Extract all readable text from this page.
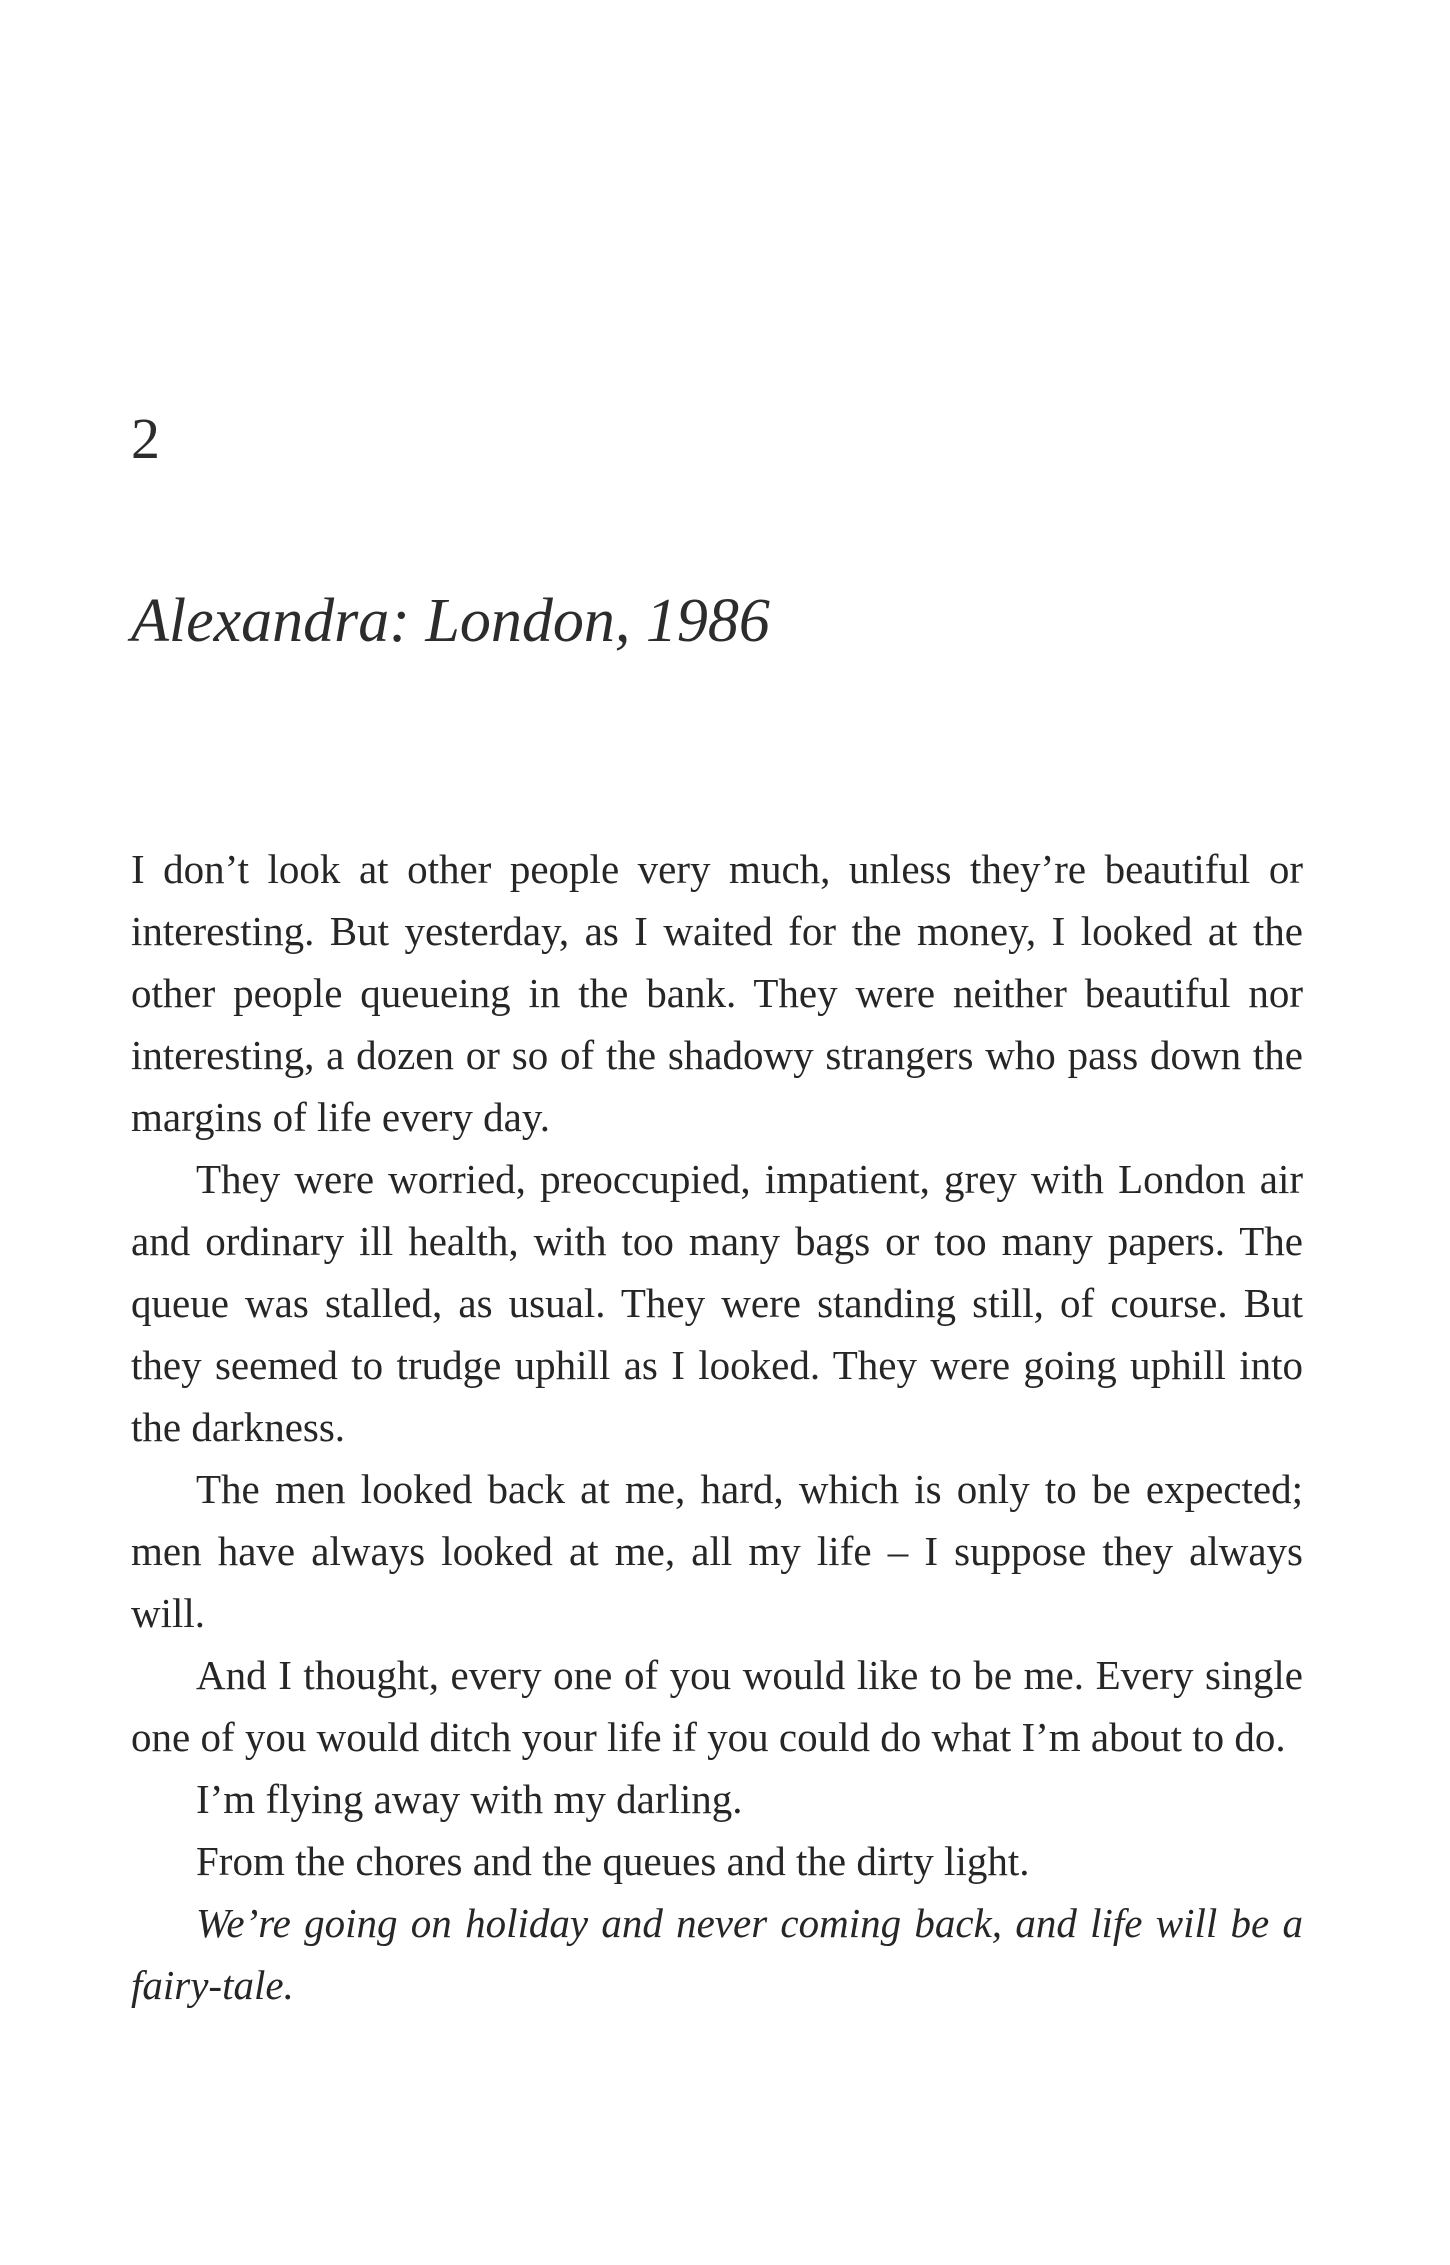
2
Alexandra: London, 1986

I don’t look at other people very much, unless they’re beautiful or interesting. But yesterday, as I waited for the money, I looked at the other people queueing in the bank. They were neither beautiful nor interesting, a dozen or so of the shadowy strangers who pass down the margins of life every day.

They were worried, preoccupied, impatient, grey with London air and ordinary ill health, with too many bags or too many papers. The queue was stalled, as usual. They were standing still, of course. But they seemed to trudge uphill as I looked. They were going uphill into the darkness.

The men looked back at me, hard, which is only to be expected; men have always looked at me, all my life – I suppose they always will.

And I thought, every one of you would like to be me. Every single one of you would ditch your life if you could do what I’m about to do.

I’m flying away with my darling.

From the chores and the queues and the dirty light.

We’re going on holiday and never coming back, and life will be a fairy-tale.
